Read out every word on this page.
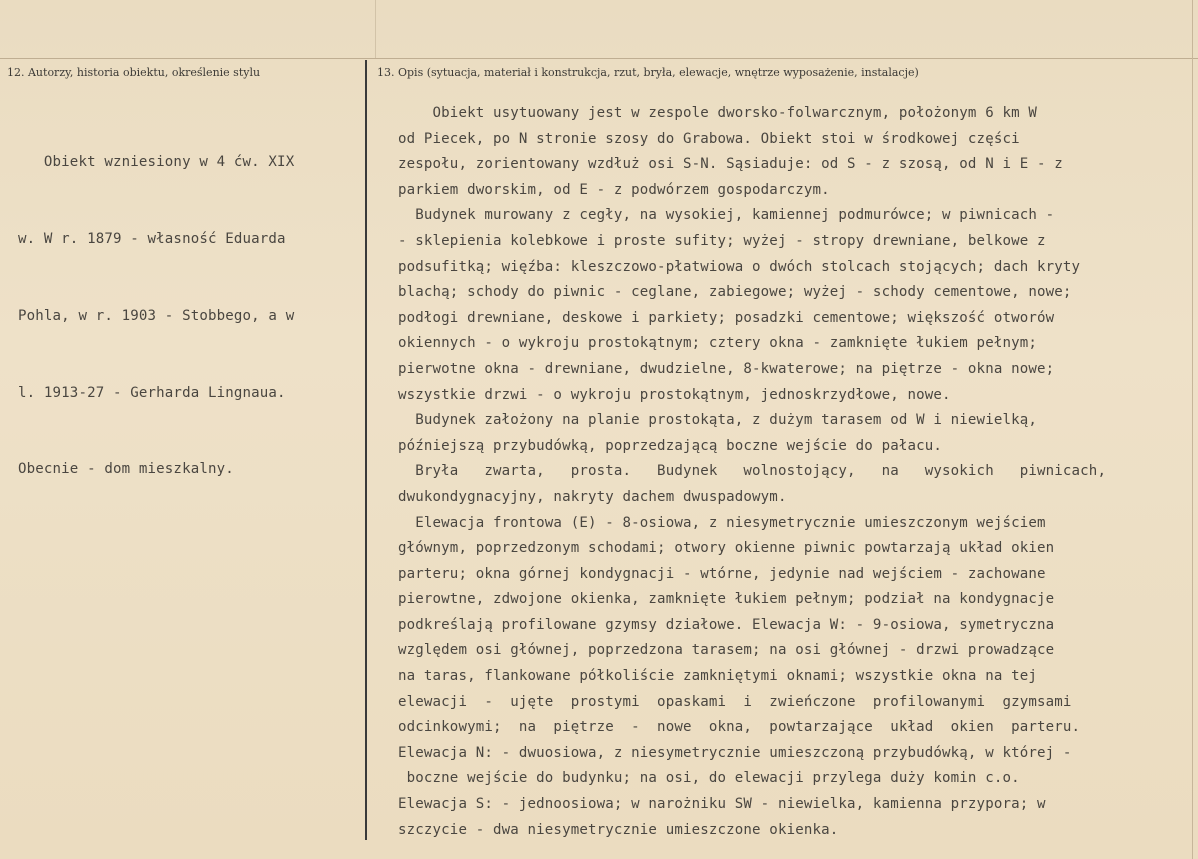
12. Autorzy, historia obiektu, określenie stylu	13. Opis (sytuacja, materiał i konstrukcja, rzut, bryła, elewacje, wnętrze wyposażenie, instalacje)

Obiekt wzniesiony w 4 ćw. XIX

w. W r. 1879 - własność Eduarda

Pohla, w r. 1903 - Stobbego, a w

l. 1913-27 - Gerharda Lingnaua.

Obecnie - dom mieszkalny.

Obiekt usytuowany jest w zespole dworsko-folwarcznym, położonym 6 km W
od Piecek, po N stronie szosy do Grabowa. Obiekt stoi w środkowej części
zespołu, zorientowany wzdłuż osi S-N. Sąsiaduje: od S - z szosą, od N i E - z
parkiem dworskim, od E - z podwórzem gospodarczym.
Budynek murowany z cegły, na wysokiej, kamiennej podmurówce; w piwnicach -
- sklepienia kolebkowe i proste sufity; wyżej - stropy drewniane, belkowe z
podsufitką; więźba: kleszczowo-płatwiowa o dwóch stolcach stojących; dach kryty
blachą; schody do piwnic - ceglane, zabiegowe; wyżej - schody cementowe, nowe;
podłogi drewniane, deskowe i parkiety; posadzki cementowe; większość otworów
okiennych - o wykroju prostokątnym; cztery okna - zamknięte łukiem pełnym;
pierwotne okna - drewniane, dwudzielne, 8-kwaterowe; na piętrze - okna nowe;
wszystkie drzwi - o wykroju prostokątnym, jednoskrzydłowe, nowe.
Budynek założony na planie prostokąta, z dużym tarasem od W i niewielką,
późniejszą przybudówką, poprzedzającą boczne wejście do pałacu.
Bryła   zwarta,   prosta.   Budynek   wolnostojący,   na   wysokich   piwnicach,
dwukondygnacyjny, nakryty dachem dwuspadowym.
Elewacja frontowa (E) - 8-osiowa, z niesymetrycznie umieszczonym wejściem
głównym, poprzedzonym schodami; otwory okienne piwnic powtarzają układ okien
parteru; okna górnej kondygnacji - wtórne, jedynie nad wejściem - zachowane
pierowtne, zdwojone okienka, zamknięte łukiem pełnym; podział na kondygnacje
podkreślają profilowane gzymsy działowe. Elewacja W: - 9-osiowa, symetryczna
względem osi głównej, poprzedzona tarasem; na osi głównej - drzwi prowadzące
na taras, flankowane półkoliście zamkniętymi oknami; wszystkie okna na tej
elewacji  -  ujęte  prostymi  opaskami  i  zwieńczone  profilowanymi  gzymsami
odcinkowymi;  na  piętrze  -  nowe  okna,  powtarzające  układ  okien  parteru.
Elewacja N: - dwuosiowa, z niesymetrycznie umieszczoną przybudówką, w której -
boczne wejście do budynku; na osi, do elewacji przylega duży komin c.o.
Elewacja S: - jednoosiowa; w narożniku SW - niewielka, kamienna przypora; w
szczycie - dwa niesymetrycznie umieszczone okienka.
